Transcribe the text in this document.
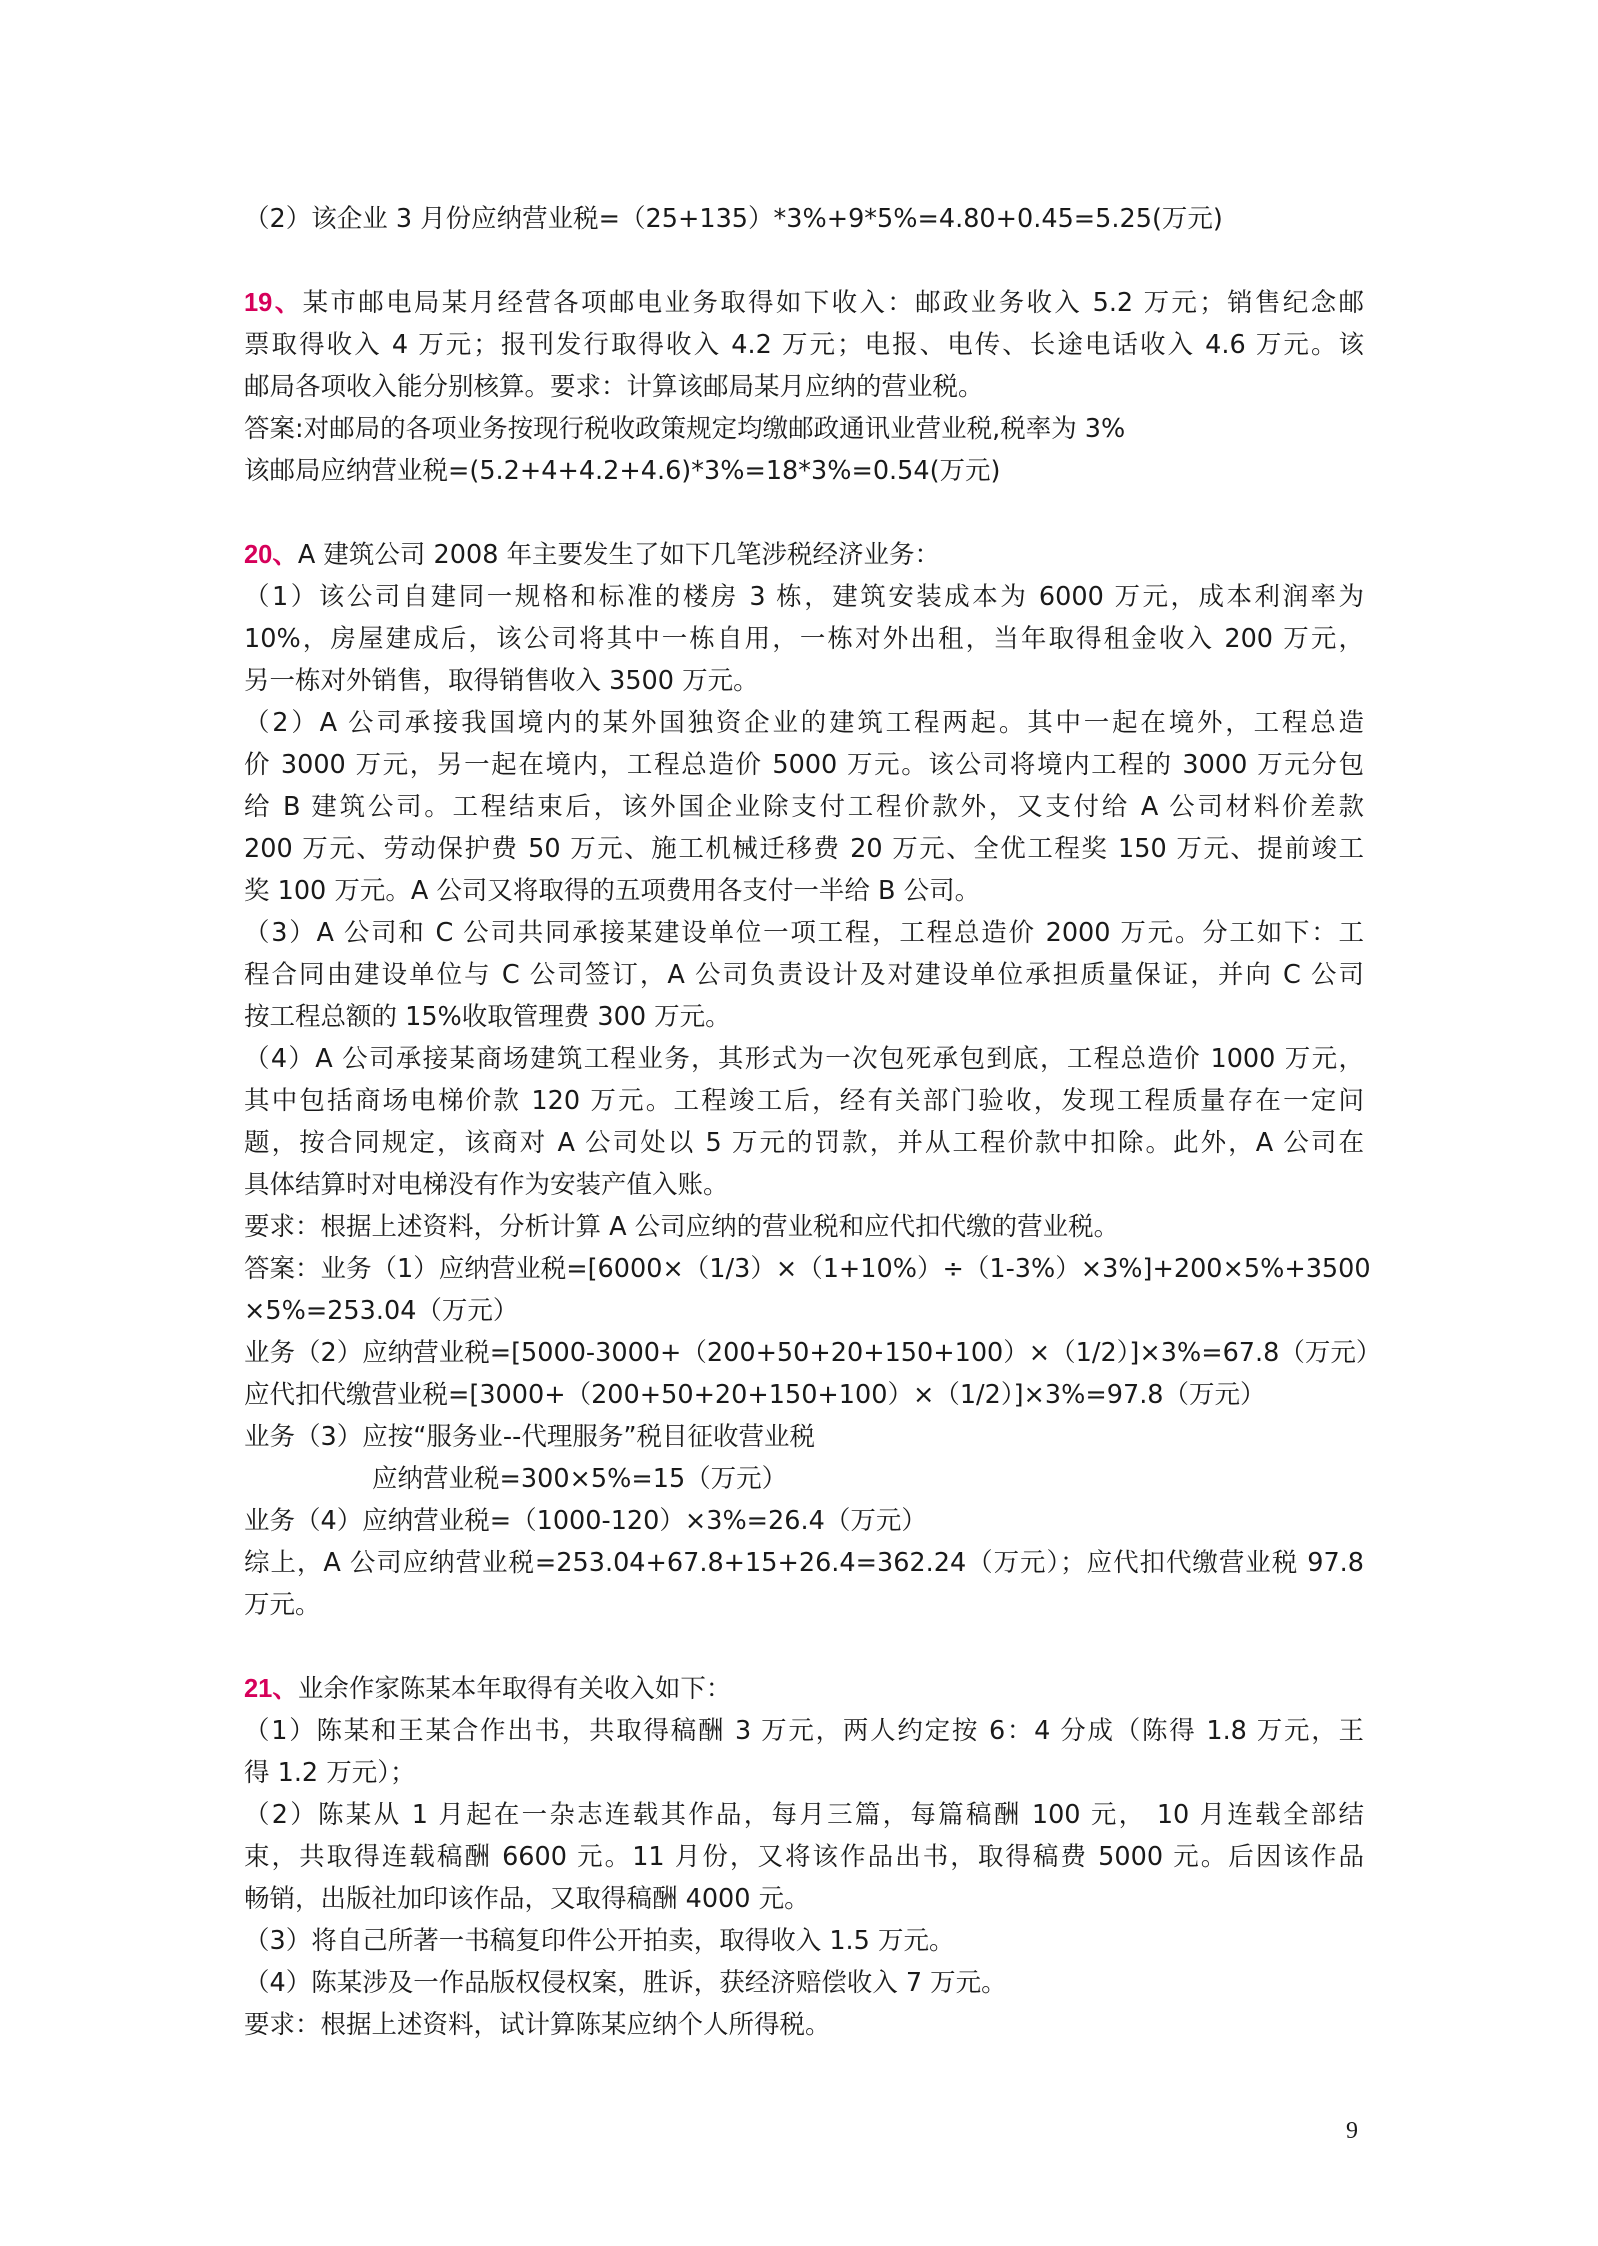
（2）该企业 3 月份应纳营业税=（25+135）*3%+9*5%=4.80+0.45=5.25(万元)
19、某市邮电局某月经营各项邮电业务取得如下收入：邮政业务收入 5.2 万元；销售纪念邮
票取得收入 4 万元；报刊发行取得收入 4.2 万元；电报、电传、长途电话收入 4.6 万元。该
邮局各项收入能分别核算。要求：计算该邮局某月应纳的营业税。
答案:对邮局的各项业务按现行税收政策规定均缴邮政通讯业营业税,税率为 3%
该邮局应纳营业税=(5.2+4+4.2+4.6)*3%=18*3%=0.54(万元)
20、A 建筑公司 2008 年主要发生了如下几笔涉税经济业务：
（1）该公司自建同一规格和标准的楼房 3 栋，建筑安装成本为 6000 万元，成本利润率为
10%，房屋建成后，该公司将其中一栋自用，一栋对外出租，当年取得租金收入 200 万元，
另一栋对外销售，取得销售收入 3500 万元。
（2）A 公司承接我国境内的某外国独资企业的建筑工程两起。其中一起在境外，工程总造
价 3000 万元，另一起在境内，工程总造价 5000 万元。该公司将境内工程的 3000 万元分包
给 B 建筑公司。工程结束后，该外国企业除支付工程价款外，又支付给 A 公司材料价差款
200 万元、劳动保护费 50 万元、施工机械迁移费 20 万元、全优工程奖 150 万元、提前竣工
奖 100 万元。A 公司又将取得的五项费用各支付一半给 B 公司。
（3）A 公司和 C 公司共同承接某建设单位一项工程，工程总造价 2000 万元。分工如下：工
程合同由建设单位与 C 公司签订，A 公司负责设计及对建设单位承担质量保证，并向 C 公司
按工程总额的 15%收取管理费 300 万元。
（4）A 公司承接某商场建筑工程业务，其形式为一次包死承包到底，工程总造价 1000 万元，
其中包括商场电梯价款 120 万元。工程竣工后，经有关部门验收，发现工程质量存在一定问
题，按合同规定，该商对 A 公司处以 5 万元的罚款，并从工程价款中扣除。此外，A 公司在
具体结算时对电梯没有作为安装产值入账。
要求：根据上述资料，分析计算 A 公司应纳的营业税和应代扣代缴的营业税。
答案：业务（1）应纳营业税=[6000×（1/3）×（1+10%）÷（1-3%）×3%]+200×5%+3500
×5%=253.04（万元）
业务（2）应纳营业税=[5000-3000+（200+50+20+150+100）×（1/2）]×3%=67.8（万元）
应代扣代缴营业税=[3000+（200+50+20+150+100）×（1/2）]×3%=97.8（万元）
业务（3）应按“服务业--代理服务”税目征收营业税
应纳营业税=300×5%=15（万元）
业务（4）应纳营业税=（1000-120）×3%=26.4（万元）
综上，A 公司应纳营业税=253.04+67.8+15+26.4=362.24（万元）；应代扣代缴营业税 97.8
万元。
21、业余作家陈某本年取得有关收入如下：
（1）陈某和王某合作出书，共取得稿酬 3 万元，两人约定按 6：4 分成（陈得 1.8 万元，王
得 1.2 万元）；
（2）陈某从 1 月起在一杂志连载其作品，每月三篇，每篇稿酬 100 元， 10 月连载全部结
束，共取得连载稿酬 6600 元。11 月份，又将该作品出书，取得稿费 5000 元。后因该作品
畅销，出版社加印该作品，又取得稿酬 4000 元。
（3）将自己所著一书稿复印件公开拍卖，取得收入 1.5 万元。
（4）陈某涉及一作品版权侵权案，胜诉，获经济赔偿收入 7 万元。
要求：根据上述资料，试计算陈某应纳个人所得税。
9
